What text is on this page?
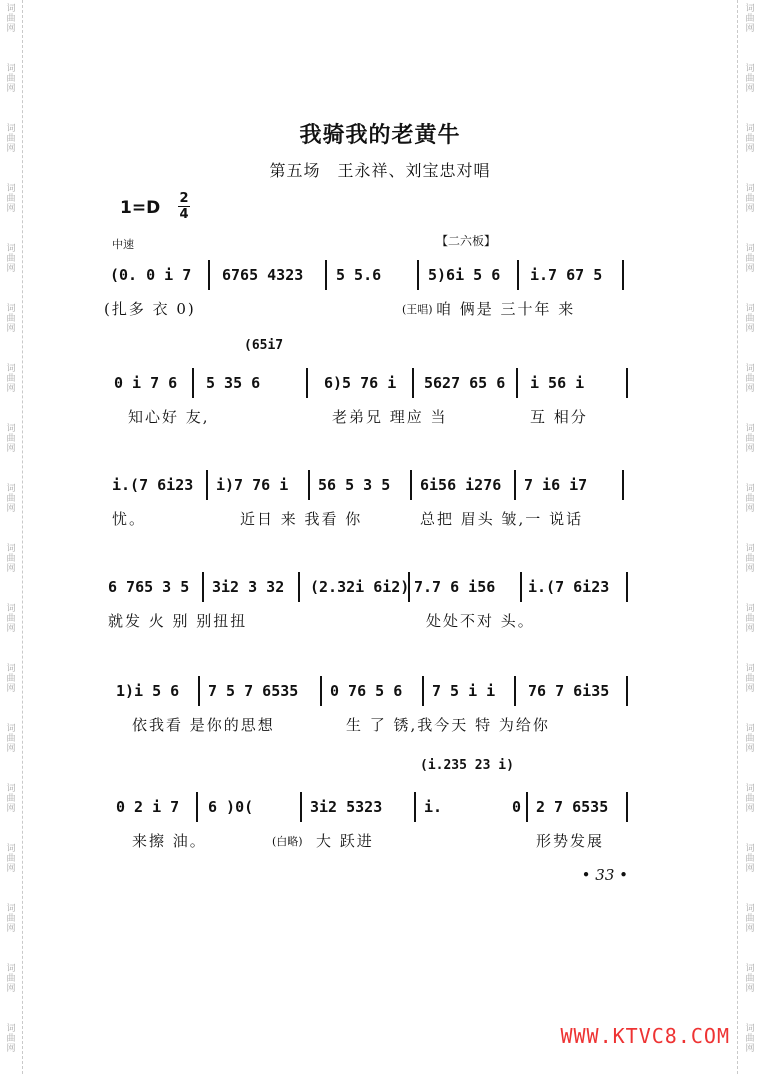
词
曲
网
词
曲
网
词
曲
网
词
曲
网
词
曲
网
词
曲
网
词
曲
网
词
曲
网
词
曲
网
词
曲
网
词
曲
网
词
曲
网
词
曲
网
词
曲
网
词
曲
网
词
曲
网
词
曲
网
词
曲
网
词
曲
网
词
曲
网
词
曲
网
词
曲
网
词
曲
网
词
曲
网
词
曲
网
词
曲
网
词
曲
网
词
曲
网
词
曲
网
词
曲
网
词
曲
网
词
曲
网
词
曲
网
词
曲
网
词
曲
网
词
曲
网
我骑我的老黄牛
第五场　王永祥、刘宝忠对唱
1=D 2
4
中速	【二六板】
(0. 0 i 7 6765 4323 5 5.6	5)6i 5 6 i.7 67 5
(扎多 衣 0)	(王唱) 咱 俩是 三十年 来
0 i 7 6 5 35 6	6)5 76 i 5627 65 6 i 56 i
(65i7
知心好 友,	老弟兄 理应 当	互 相分
i.(7 6i23 i)7 76 i 56 5 3 5 6i56 i276 7 i6 i7
忧。	近日 来 我看 你	总把 眉头 皱,一 说话
6 765 3 5 3i2 3 32 (2.32i 6i2) 7.7 6 i56 i.(7 6i23
就发 火 别 别扭扭	处处不对 头。
1)i 5 6 7 5 7 6535 0 76 5 6 7 5 i i 76 7 6i35
依我看 是你的思想	生 了 锈,我今天 特 为给你
0 2 i 7 6 )0(	3i2 5323	i.	0 2 7 6535
(i.235 23 i)
来擦 油。	(白略) 大 跃进	形势发展
• 33 •
WWW.KTVC8.COM
